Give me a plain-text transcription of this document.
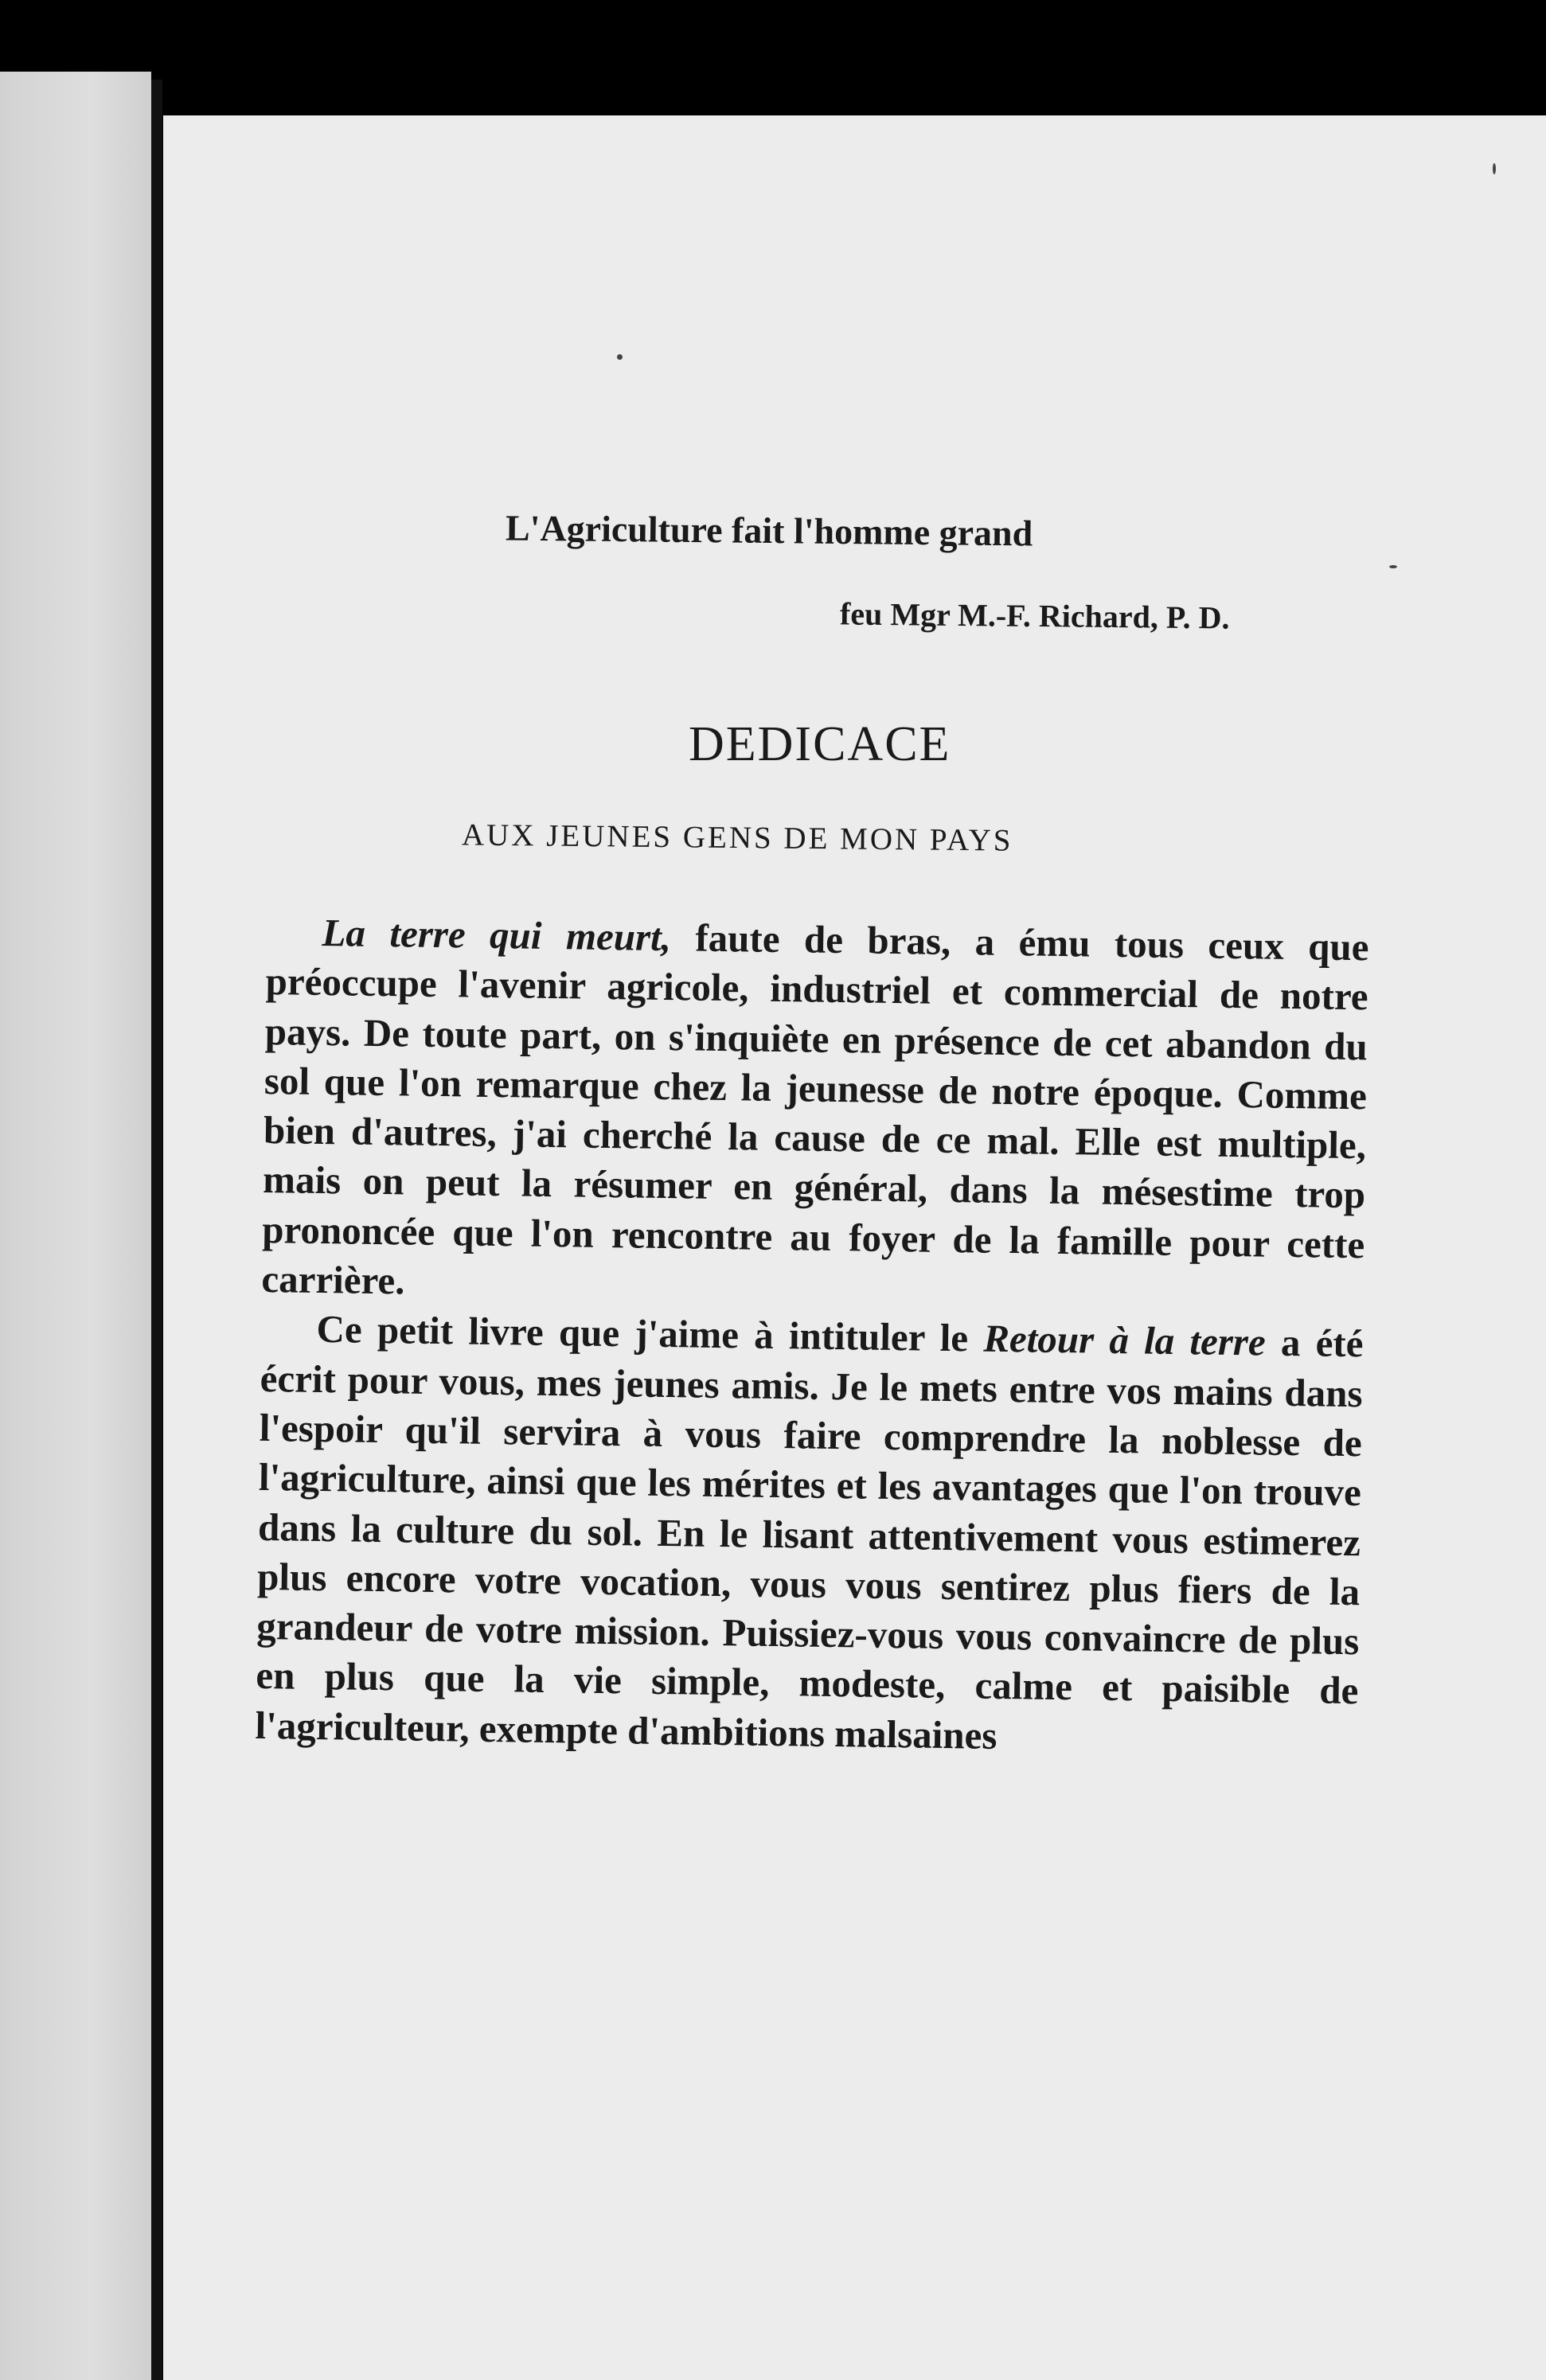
L'Agriculture fait l'homme grand
feu Mgr M.-F. Richard, P. D.
DEDICACE
AUX JEUNES GENS DE MON PAYS

La terre qui meurt, faute de bras, a ému tous ceux que préoccupe l'avenir agricole, industriel et commercial de notre pays. De toute part, on s'inquiète en présence de cet abandon du sol que l'on remarque chez la jeunesse de notre époque. Comme bien d'autres, j'ai cherché la cause de ce mal. Elle est multiple, mais on peut la résumer en général, dans la mésestime trop prononcée que l'on rencontre au foyer de la famille pour cette carrière.

Ce petit livre que j'aime à intituler le Retour à la terre a été écrit pour vous, mes jeunes amis. Je le mets entre vos mains dans l'espoir qu'il servira à vous faire comprendre la noblesse de l'agriculture, ainsi que les mérites et les avantages que l'on trouve dans la culture du sol. En le lisant attentivement vous estimerez plus encore votre vocation, vous vous sentirez plus fiers de la grandeur de votre mission. Puissiez-vous vous convaincre de plus en plus que la vie simple, modeste, calme et paisible de l'agriculteur, exempte d'ambitions malsaines
